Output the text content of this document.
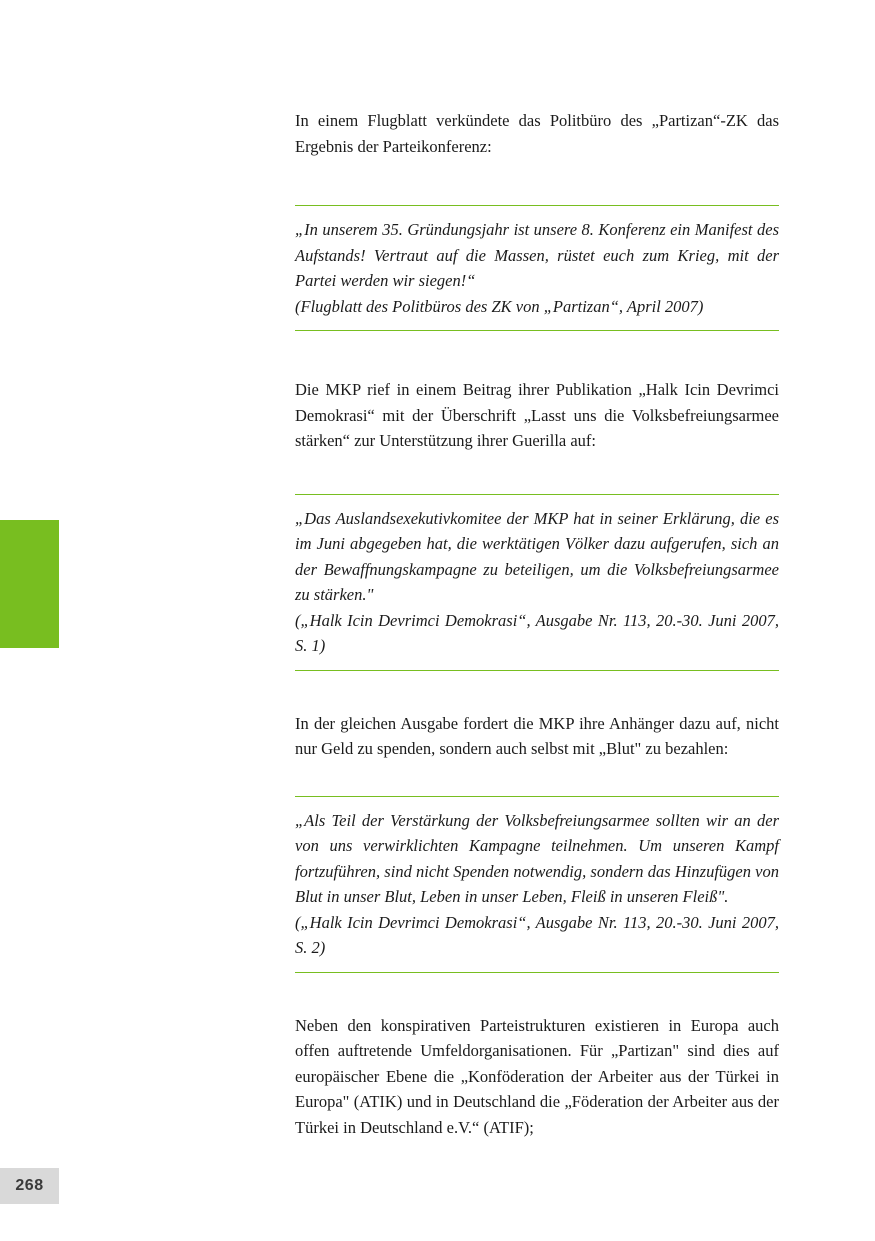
268

In einem Flugblatt verkündete das Politbüro des „Partizan“-ZK das Ergebnis der Parteikonferenz:

„In unserem 35. Gründungsjahr ist unsere 8. Konferenz ein Manifest des Aufstands! Vertraut auf die Massen, rüstet euch zum Krieg, mit der Partei werden wir siegen!“

(Flugblatt des Politbüros des ZK von „Partizan“, April 2007)

Die MKP rief in einem Beitrag ihrer Publikation „Halk Icin Devrimci Demokrasi“ mit der Überschrift „Lasst uns die Volksbefreiungsarmee stärken“ zur Unterstützung ihrer Guerilla auf:

„Das Auslandsexekutivkomitee der MKP hat in seiner Erklärung, die es im Juni abgegeben hat, die werktätigen Völker dazu aufgerufen, sich an der Bewaffnungskampagne zu beteiligen, um die Volksbefreiungsarmee zu stärken."

(„Halk Icin Devrimci Demokrasi“, Ausgabe Nr. 113, 20.-30. Juni 2007, S. 1)

In der gleichen Ausgabe fordert die MKP ihre Anhänger dazu auf, nicht nur Geld zu spenden, sondern auch selbst mit „Blut" zu bezahlen:

„Als Teil der Verstärkung der Volksbefreiungsarmee sollten wir an der von uns verwirklichten Kampagne teilnehmen. Um unseren Kampf fortzuführen, sind nicht Spenden notwendig, sondern das Hinzufügen von Blut in unser Blut, Leben in unser Leben, Fleiß in unseren Fleiß".

(„Halk Icin Devrimci Demokrasi“, Ausgabe Nr. 113, 20.-30. Juni 2007, S. 2)

Neben den konspirativen Parteistrukturen existieren in Europa auch offen auftretende Umfeldorganisationen. Für „Partizan" sind dies auf europäischer Ebene die „Konföderation der Arbeiter aus der Türkei in Europa" (ATIK) und in Deutschland die „Föderation der Arbeiter aus der Türkei in Deutschland e.V.“ (ATIF);
